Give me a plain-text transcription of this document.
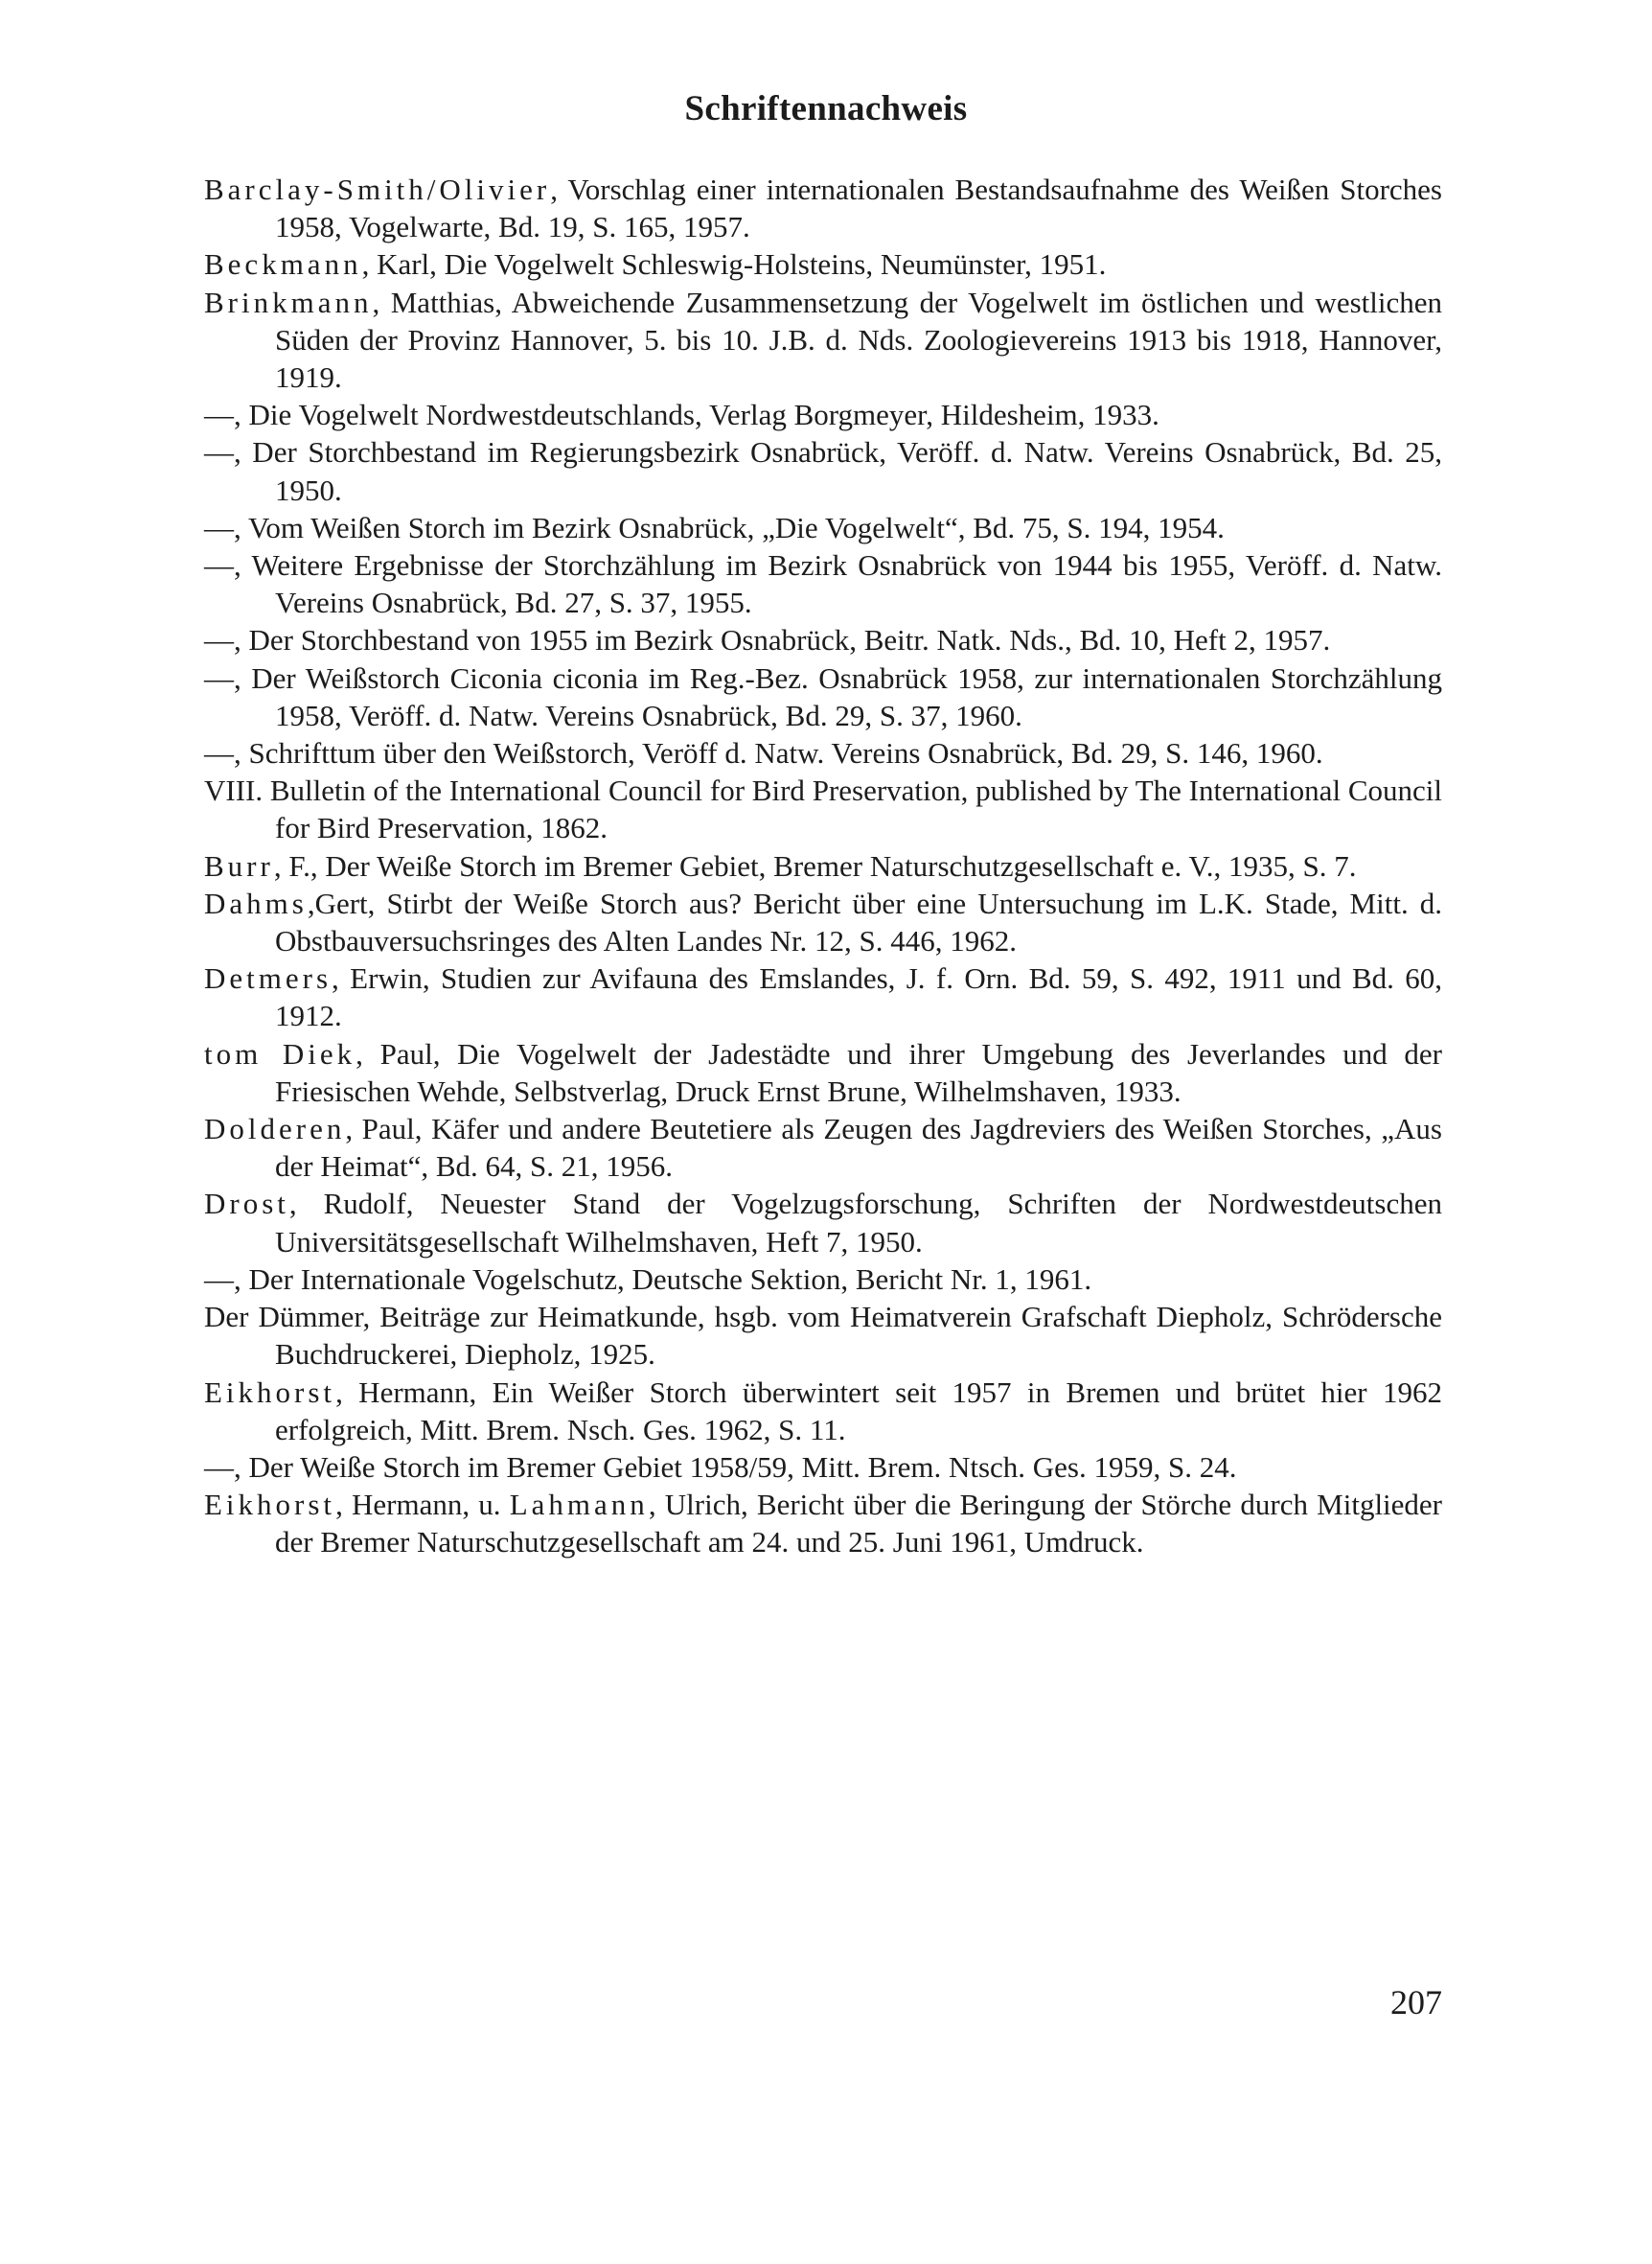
Schriftennachweis

Barclay-Smith/Olivier, Vorschlag einer internationalen Bestandsaufnahme des Weißen Storches 1958, Vogelwarte, Bd. 19, S. 165, 1957.

Beckmann, Karl, Die Vogelwelt Schleswig-Holsteins, Neumünster, 1951.

Brinkmann, Matthias, Abweichende Zusammensetzung der Vogelwelt im östlichen und westlichen Süden der Provinz Hannover, 5. bis 10. J.B. d. Nds. Zoologievereins 1913 bis 1918, Hannover, 1919.

—, Die Vogelwelt Nordwestdeutschlands, Verlag Borgmeyer, Hildesheim, 1933.

—, Der Storchbestand im Regierungsbezirk Osnabrück, Veröff. d. Natw. Vereins Osnabrück, Bd. 25, 1950.

—, Vom Weißen Storch im Bezirk Osnabrück, „Die Vogelwelt“, Bd. 75, S. 194, 1954.

—, Weitere Ergebnisse der Storchzählung im Bezirk Osnabrück von 1944 bis 1955, Veröff. d. Natw. Vereins Osnabrück, Bd. 27, S. 37, 1955.

—, Der Storchbestand von 1955 im Bezirk Osnabrück, Beitr. Natk. Nds., Bd. 10, Heft 2, 1957.

—, Der Weißstorch Ciconia ciconia im Reg.-Bez. Osnabrück 1958, zur internationalen Storchzählung 1958, Veröff. d. Natw. Vereins Osnabrück, Bd. 29, S. 37, 1960.

—, Schrifttum über den Weißstorch, Veröff d. Natw. Vereins Osnabrück, Bd. 29, S. 146, 1960.

VIII. Bulletin of the International Council for Bird Preservation, published by The International Council for Bird Preservation, 1862.

Burr, F., Der Weiße Storch im Bremer Gebiet, Bremer Naturschutzgesellschaft e. V., 1935, S. 7.

Dahms,Gert, Stirbt der Weiße Storch aus? Bericht über eine Untersuchung im L.K. Stade, Mitt. d. Obstbauversuchsringes des Alten Landes Nr. 12, S. 446, 1962.

Detmers, Erwin, Studien zur Avifauna des Emslandes, J. f. Orn. Bd. 59, S. 492, 1911 und Bd. 60, 1912.

tom Diek, Paul, Die Vogelwelt der Jadestädte und ihrer Umgebung des Jeverlandes und der Friesischen Wehde, Selbstverlag, Druck Ernst Brune, Wilhelmshaven, 1933.

Dolderen, Paul, Käfer und andere Beutetiere als Zeugen des Jagdreviers des Weißen Storches, „Aus der Heimat“, Bd. 64, S. 21, 1956.

Drost, Rudolf, Neuester Stand der Vogelzugsforschung, Schriften der Nordwestdeutschen Universitätsgesellschaft Wilhelmshaven, Heft 7, 1950.

—, Der Internationale Vogelschutz, Deutsche Sektion, Bericht Nr. 1, 1961.

Der Dümmer, Beiträge zur Heimatkunde, hsgb. vom Heimatverein Grafschaft Diepholz, Schrödersche Buchdruckerei, Diepholz, 1925.

Eikhorst, Hermann, Ein Weißer Storch überwintert seit 1957 in Bremen und brütet hier 1962 erfolgreich, Mitt. Brem. Nsch. Ges. 1962, S. 11.

—, Der Weiße Storch im Bremer Gebiet 1958/59, Mitt. Brem. Ntsch. Ges. 1959, S. 24.

Eikhorst, Hermann, u. Lahmann, Ulrich, Bericht über die Beringung der Störche durch Mitglieder der Bremer Naturschutzgesellschaft am 24. und 25. Juni 1961, Umdruck.

207
